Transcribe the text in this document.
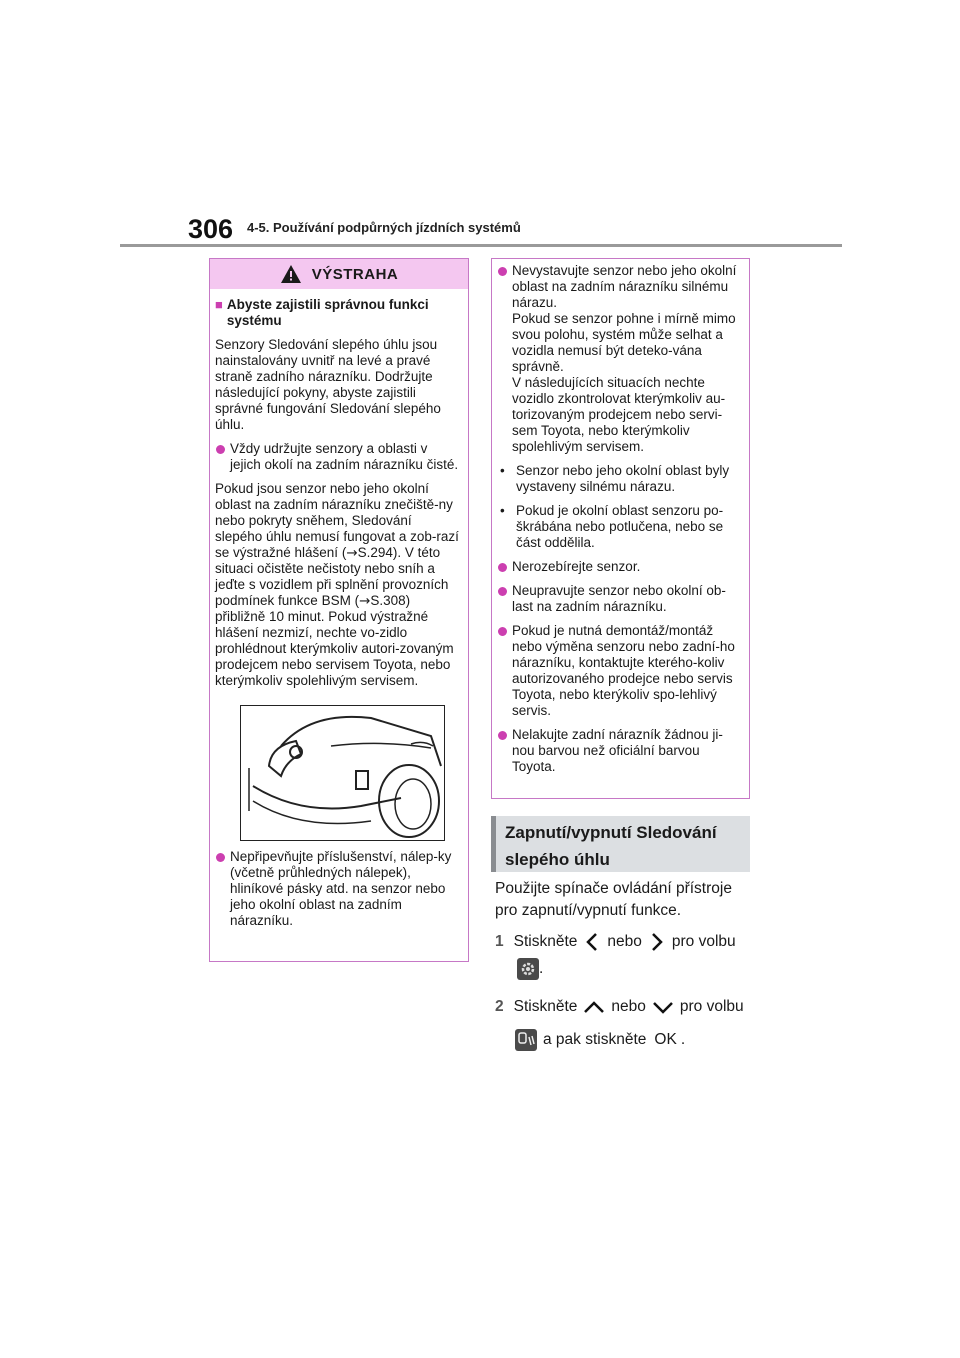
306 4-5. Používání podpůrných jízdních systémů
VÝSTRAHA
■ Abyste zajistili správnou funkci systému

Senzory Sledování slepého úhlu jsou nainstalovány uvnitř na levé a pravé straně zadního nárazníku. Dodržujte následující pokyny, abyste zajistili správné fungování Sledování slepého úhlu.

Vždy udržujte senzory a oblasti v jejich okolí na zadním nárazníku čisté.

Pokud jsou senzor nebo jeho okolní oblast na zadním nárazníku znečiště-ny nebo pokryty sněhem, Sledování slepého úhlu nemusí fungovat a zob-razí se výstražné hlášení (→S.294). V této situaci očistěte nečistoty nebo sníh a jeďte s vozidlem při splnění provozních podmínek funkce BSM (→S.308) přibližně 10 minut. Pokud výstražné hlášení nezmizí, nechte vo-zidlo prohlédnout kterýmkoliv autori-zovaným prodejcem nebo servisem Toyota, nebo kterýmkoliv spolehlivým servisem.

Nepřipevňujte příslušenství, nálep-ky (včetně průhledných nálepek), hliníkové pásky atd. na senzor nebo jeho okolní oblast na zadním nárazníku.
Nevystavujte senzor nebo jeho okolní oblast na zadním nárazníku silnému nárazu.
Pokud se senzor pohne i mírně mimo svou polohu, systém může selhat a vozidla nemusí být deteko-vána správně.
V následujících situacích nechte vozidlo zkontrolovat kterýmkoliv au-torizovaným prodejcem nebo servi-sem Toyota, nebo kterýmkoliv spolehlivým servisem.
• Senzor nebo jeho okolní oblast byly vystaveny silnému nárazu.
• Pokud je okolní oblast senzoru po-škrábána nebo potlučena, nebo se část oddělila.
Nerozebírejte senzor.
Neupravujte senzor nebo okolní ob-last na zadním nárazníku.
Pokud je nutná demontáž/montáž nebo výměna senzoru nebo zadní-ho nárazníku, kontaktujte kterého-koliv autorizovaného prodejce nebo servis Toyota, nebo kterýkoliv spo-lehlivý servis.
Nelakujte zadní nárazník žádnou ji-nou barvou než oficiální barvou Toyota.
Zapnutí/vypnutí Sledování slepého úhlu
Použijte spínače ovládání přístroje pro zapnutí/vypnutí funkce.
1 Stiskněte nebo pro volbu
.
2 Stiskněte nebo pro volbu
a pak stiskněte OK .
